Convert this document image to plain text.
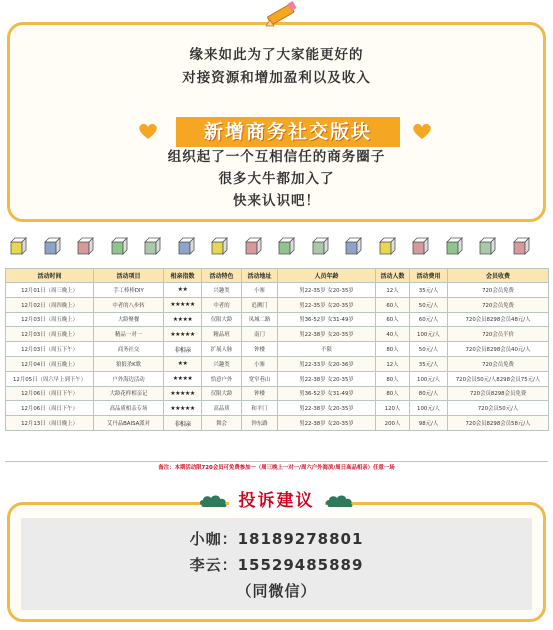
缘来如此为了大家能更好的
对接资源和增加盈利以及收入
新增商务社交版块
组织起了一个互相信任的商务圈子
很多大牛都加入了
快来认识吧！
活动时间	活动项目	相亲指数	活动特色	活动地址	人员年龄	活动人数	活动费用	会员收费
12月01日（周三晚上）	手工棒棒DIY	★★	兴趣类	小寨	男22-35岁 女20-35岁	12人	35元/人	720会员免费
12月02日（周四晚上）	中者的八步转	★★★★★	中者的	追溯门	男22-35岁 女20-35岁	60人	50元/人	720会员免费
12月03日（周五晚上）	大龄聚餐	★★★★	仅限大龄	凤城二路	男36-52岁 女31-49岁	60人	60元/人	720会员8298会员48元/人
12月03日（周五晚上）	精品一对一	★★★★★	精品班	南门	男22-38岁 女20-35岁	40人	100元/人	720会员半价
12月03日（周五下午）	商务社交	非相亲	扩展人脉	钟楼	不限	80人	50元/人	720会员8298会员40元/人
12月04日（周五晚上）	狼狼杀K歌	★★	兴趣类	小寨	男22-33岁 女20-36岁	12人	35元/人	720会员免费
12月05日（周六早上到下午）	户外海边活动	★★★★	恰意户外	宽窄巷山	男22-38岁 女20-35岁	80人	100元/人	720会员50元/人8298会员75元/人
12月06日（周日下午）	大龄花样相亲记	★★★★★	仅限大龄	钟楼	男36-52岁 女31-49岁	80人	80元/人	720会员8298会员免费
12月06日（周日下午）	高品质相亲专场	★★★★★	高品质	和平门	男22-38岁 女20-35岁	120人	100元/人	720会员50元/人
12月13日（周日晚上）	艾丹品BAISA派对	非相亲	舞会	钟东路	男22-38岁 女20-35岁	200人	98元/人	720会员8298会员58元/人
备注：本期活动限720会员可免费参加一（周三晚上一对一/周六户外海滨/周日高品相亲）任意一场
小咖：18189278801
李云：15529485889
（同微信）
投诉建议
